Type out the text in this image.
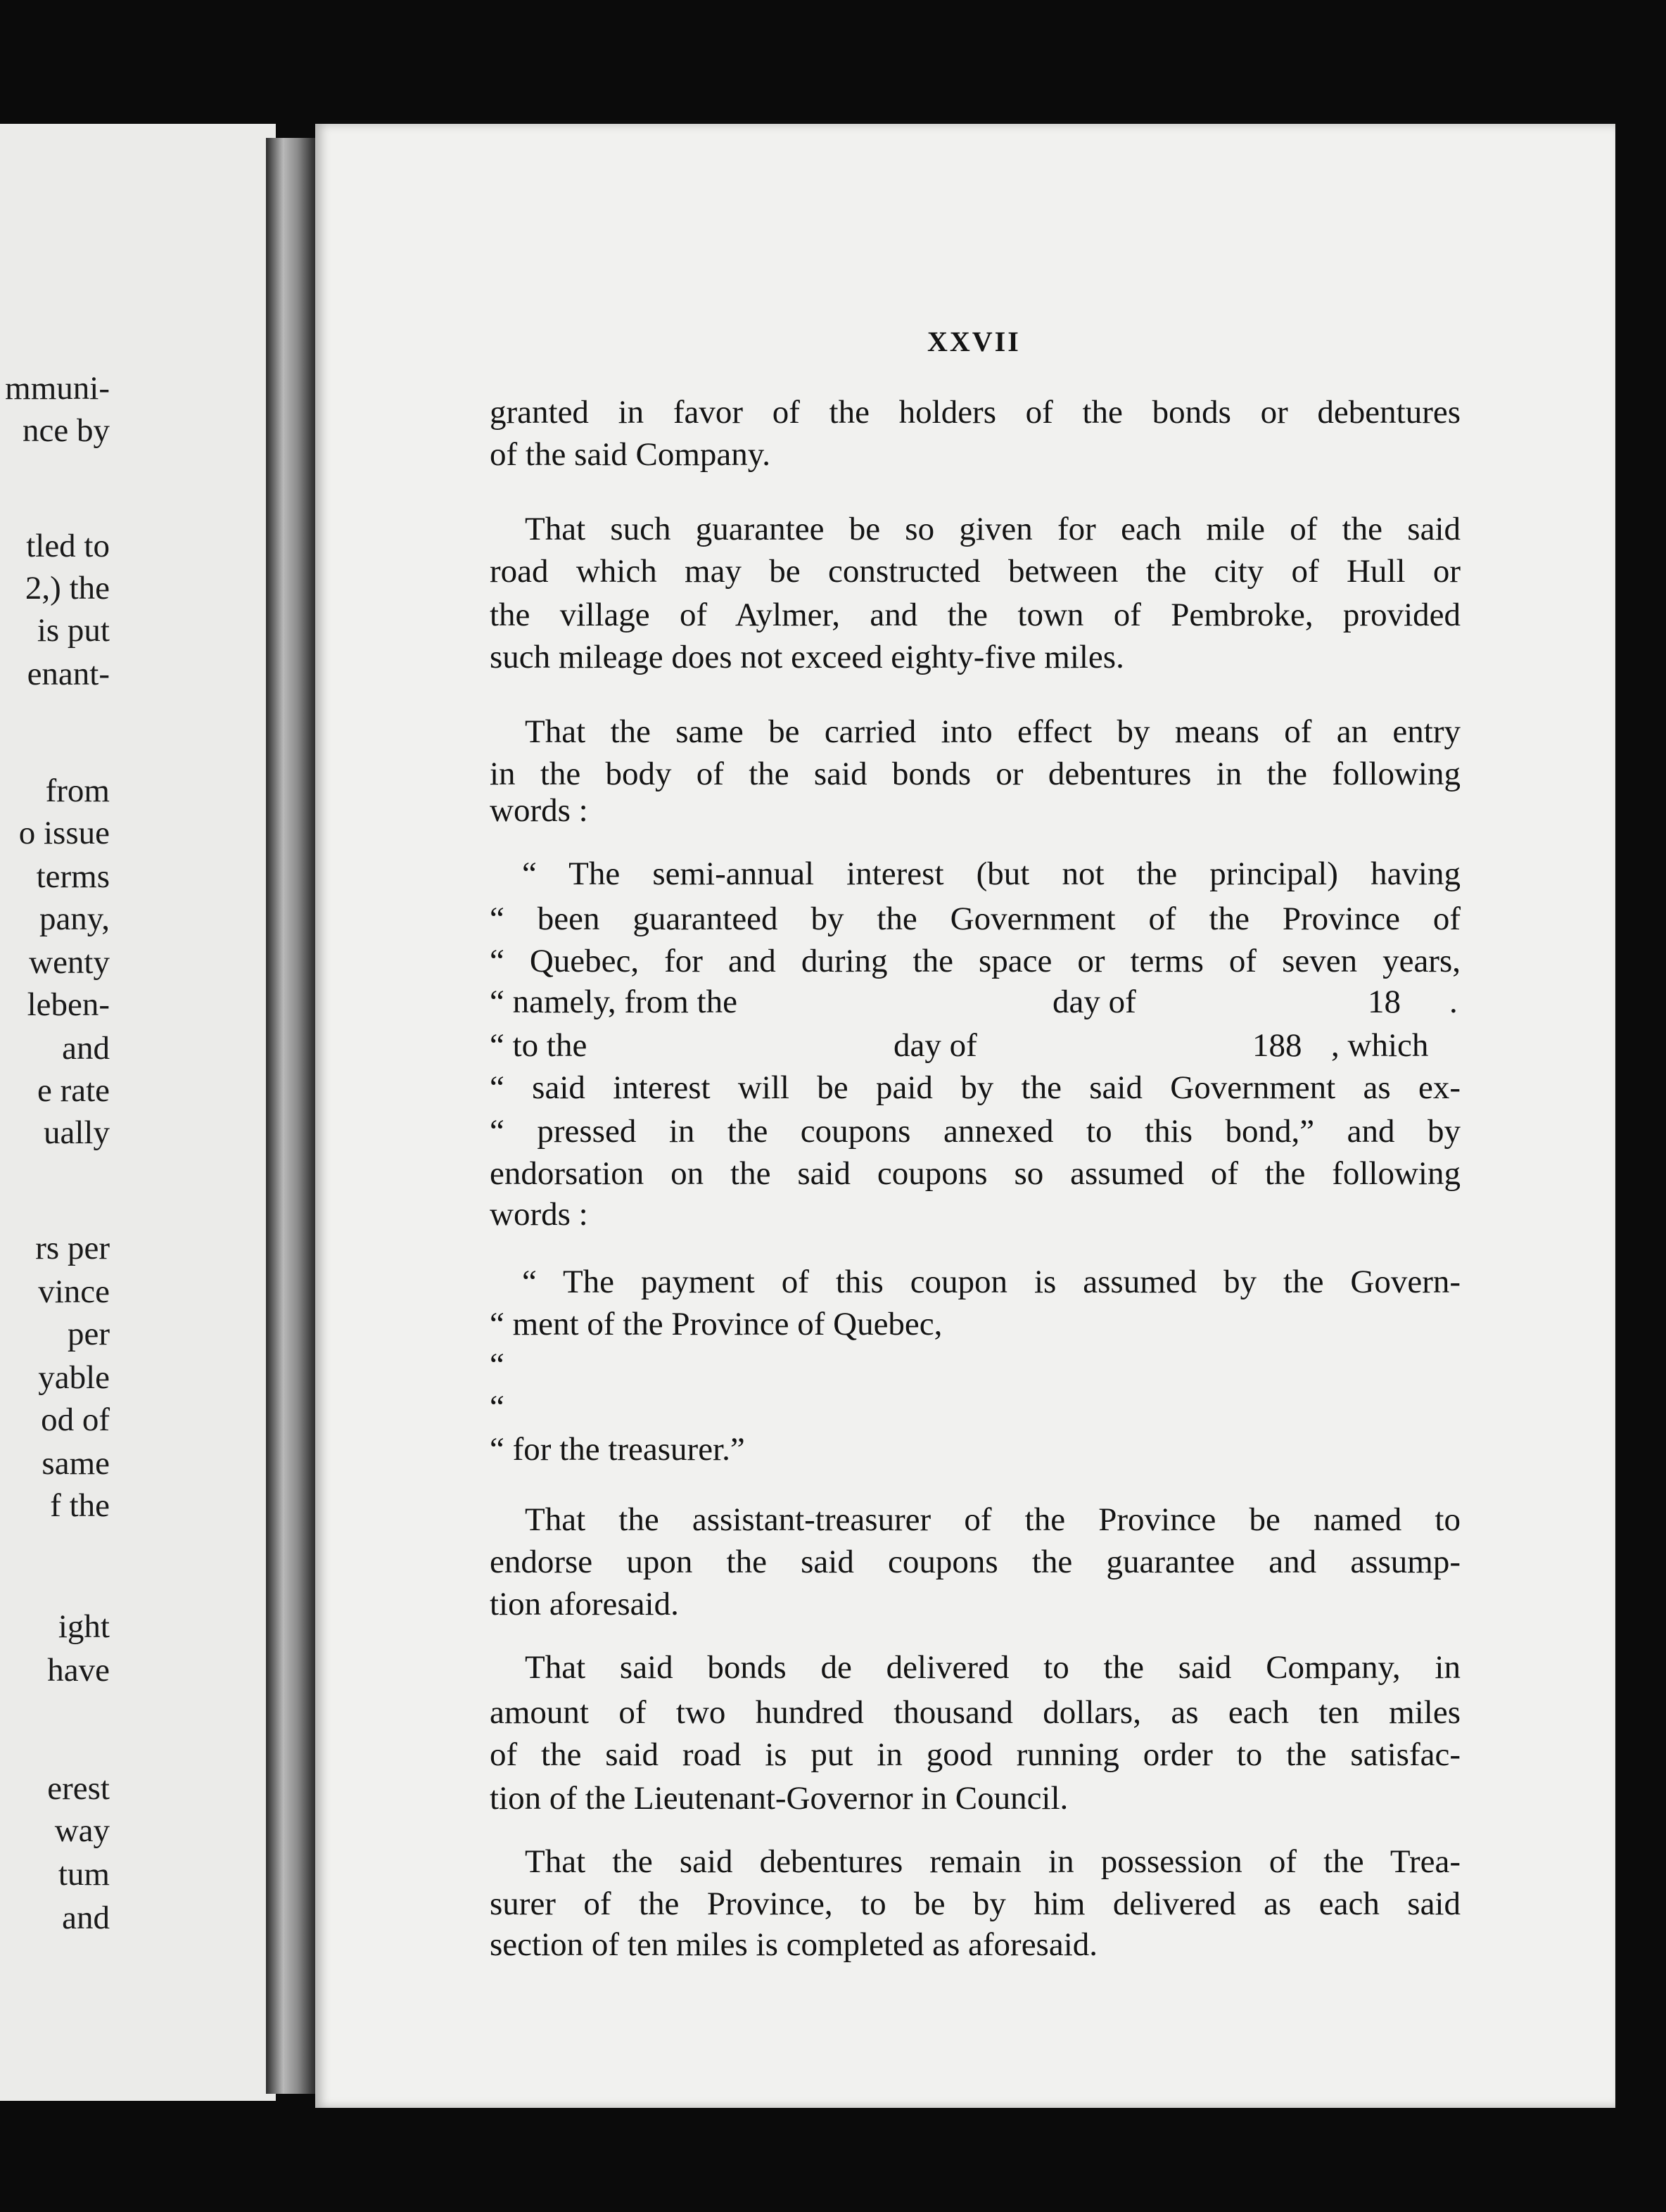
mmuni-
nce by
tled to
2,) the
is put
enant-
from
o issue
terms
pany,
wenty
leben-
and
e rate
ually
rs per
vince
per
yable
od of
same
f the
ight
have
erest
way
tum
and
XXVII
granted in favor of the holders of the bonds or debentures
of the said Company.
That such guarantee be so given for each mile of the said
road which may be constructed between the city of Hull or
the village of Aylmer, and the town of Pembroke, provided
such mileage does not exceed eighty-five miles.
That the same be carried into effect by means of an entry
in the body of the said bonds or debentures in the following
words :
“ The semi-annual interest (but not the principal) having
“ been guaranteed by the Government of the Province of
“ Quebec, for and during the space or terms of seven years,
“ namely, from the	day of	18	.
“ to the	day of	188 , which
“ said interest will be paid by the said Government as ex-
“ pressed in the coupons annexed to this bond,” and by
endorsation on the said coupons so assumed of the following
words :
“ The payment of this coupon is assumed by the Govern-
“ ment of the Province of Quebec,
“
“
“ for the treasurer.”
That the assistant-treasurer of the Province be named to
endorse upon the said coupons the guarantee and assump-
tion aforesaid.
That said bonds de delivered to the said Company, in
amount of two hundred thousand dollars, as each ten miles
of the said road is put in good running order to the satisfac-
tion of the Lieutenant-Governor in Council.
That the said debentures remain in possession of the Trea-
surer of the Province, to be by him delivered as each said
section of ten miles is completed as aforesaid.
